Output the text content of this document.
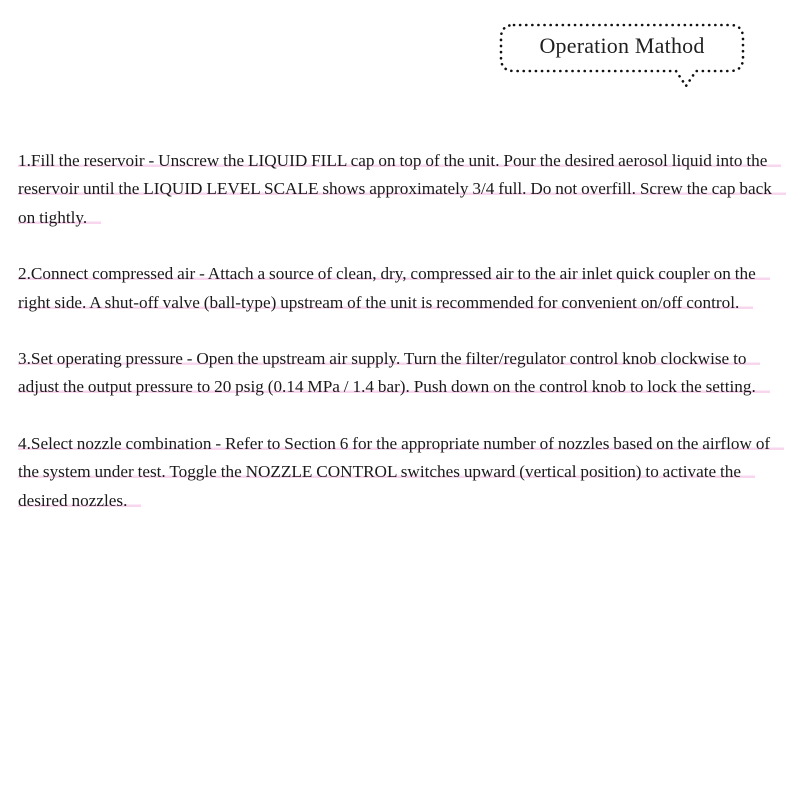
Operation Mathod

1.Fill the reservoir - Unscrew the LIQUID FILL cap on top of the unit. Pour the desired aerosol liquid into the reservoir until the LIQUID LEVEL SCALE shows approximately 3/4 full. Do not overfill. Screw the cap back on tightly.

2.Connect compressed air - Attach a source of clean, dry, compressed air to the air inlet quick coupler on the right side. A shut-off valve (ball-type) upstream of the unit is recommended for convenient on/off control.

3.Set operating pressure - Open the upstream air supply. Turn the filter/regulator control knob clockwise to adjust the output pressure to 20 psig (0.14 MPa / 1.4 bar). Push down on the control knob to lock the setting.

4.Select nozzle combination - Refer to Section 6 for the appropriate number of nozzles based on the airflow of the system under test. Toggle the NOZZLE CONTROL switches upward (vertical position) to activate the desired nozzles.
